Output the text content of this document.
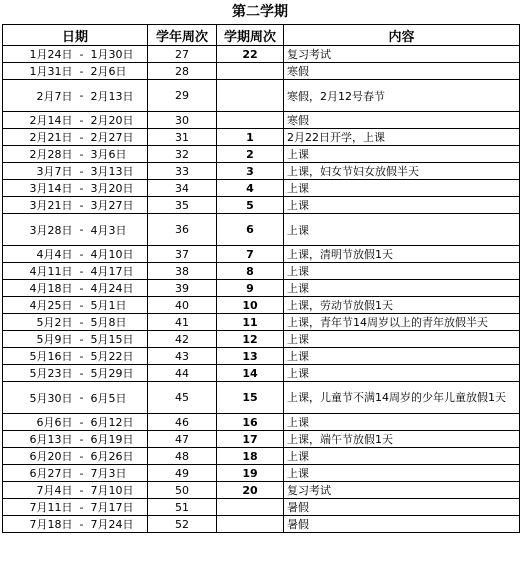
第二学期
日期			学年周次	学期周次	内容
1月24日	-	1月30日	27	22	复习考试
1月31日	-	2月6日	28		寒假
2月7日	-	2月13日	29		寒假，2月12号春节
2月14日	-	2月20日	30		寒假
2月21日	-	2月27日	31	1	2月22日开学，上课
2月28日	-	3月6日	32	2	上课
3月7日	-	3月13日	33	3	上课，妇女节妇女放假半天
3月14日	-	3月20日	34	4	上课
3月21日	-	3月27日	35	5	上课
3月28日	-	4月3日	36	6	上课
4月4日	-	4月10日	37	7	上课，清明节放假1天
4月11日	-	4月17日	38	8	上课
4月18日	-	4月24日	39	9	上课
4月25日	-	5月1日	40	10	上课，劳动节放假1天
5月2日	-	5月8日	41	11	上课，青年节14周岁以上的青年放假半天
5月9日	-	5月15日	42	12	上课
5月16日	-	5月22日	43	13	上课
5月23日	-	5月29日	44	14	上课
5月30日	-	6月5日	45	15	上课，儿童节不满14周岁的少年儿童放假1天
6月6日	-	6月12日	46	16	上课
6月13日	-	6月19日	47	17	上课，端午节放假1天
6月20日	-	6月26日	48	18	上课
6月27日	-	7月3日	49	19	上课
7月4日	-	7月10日	50	20	复习考试
7月11日	-	7月17日	51		暑假
7月18日	-	7月24日	52		暑假
